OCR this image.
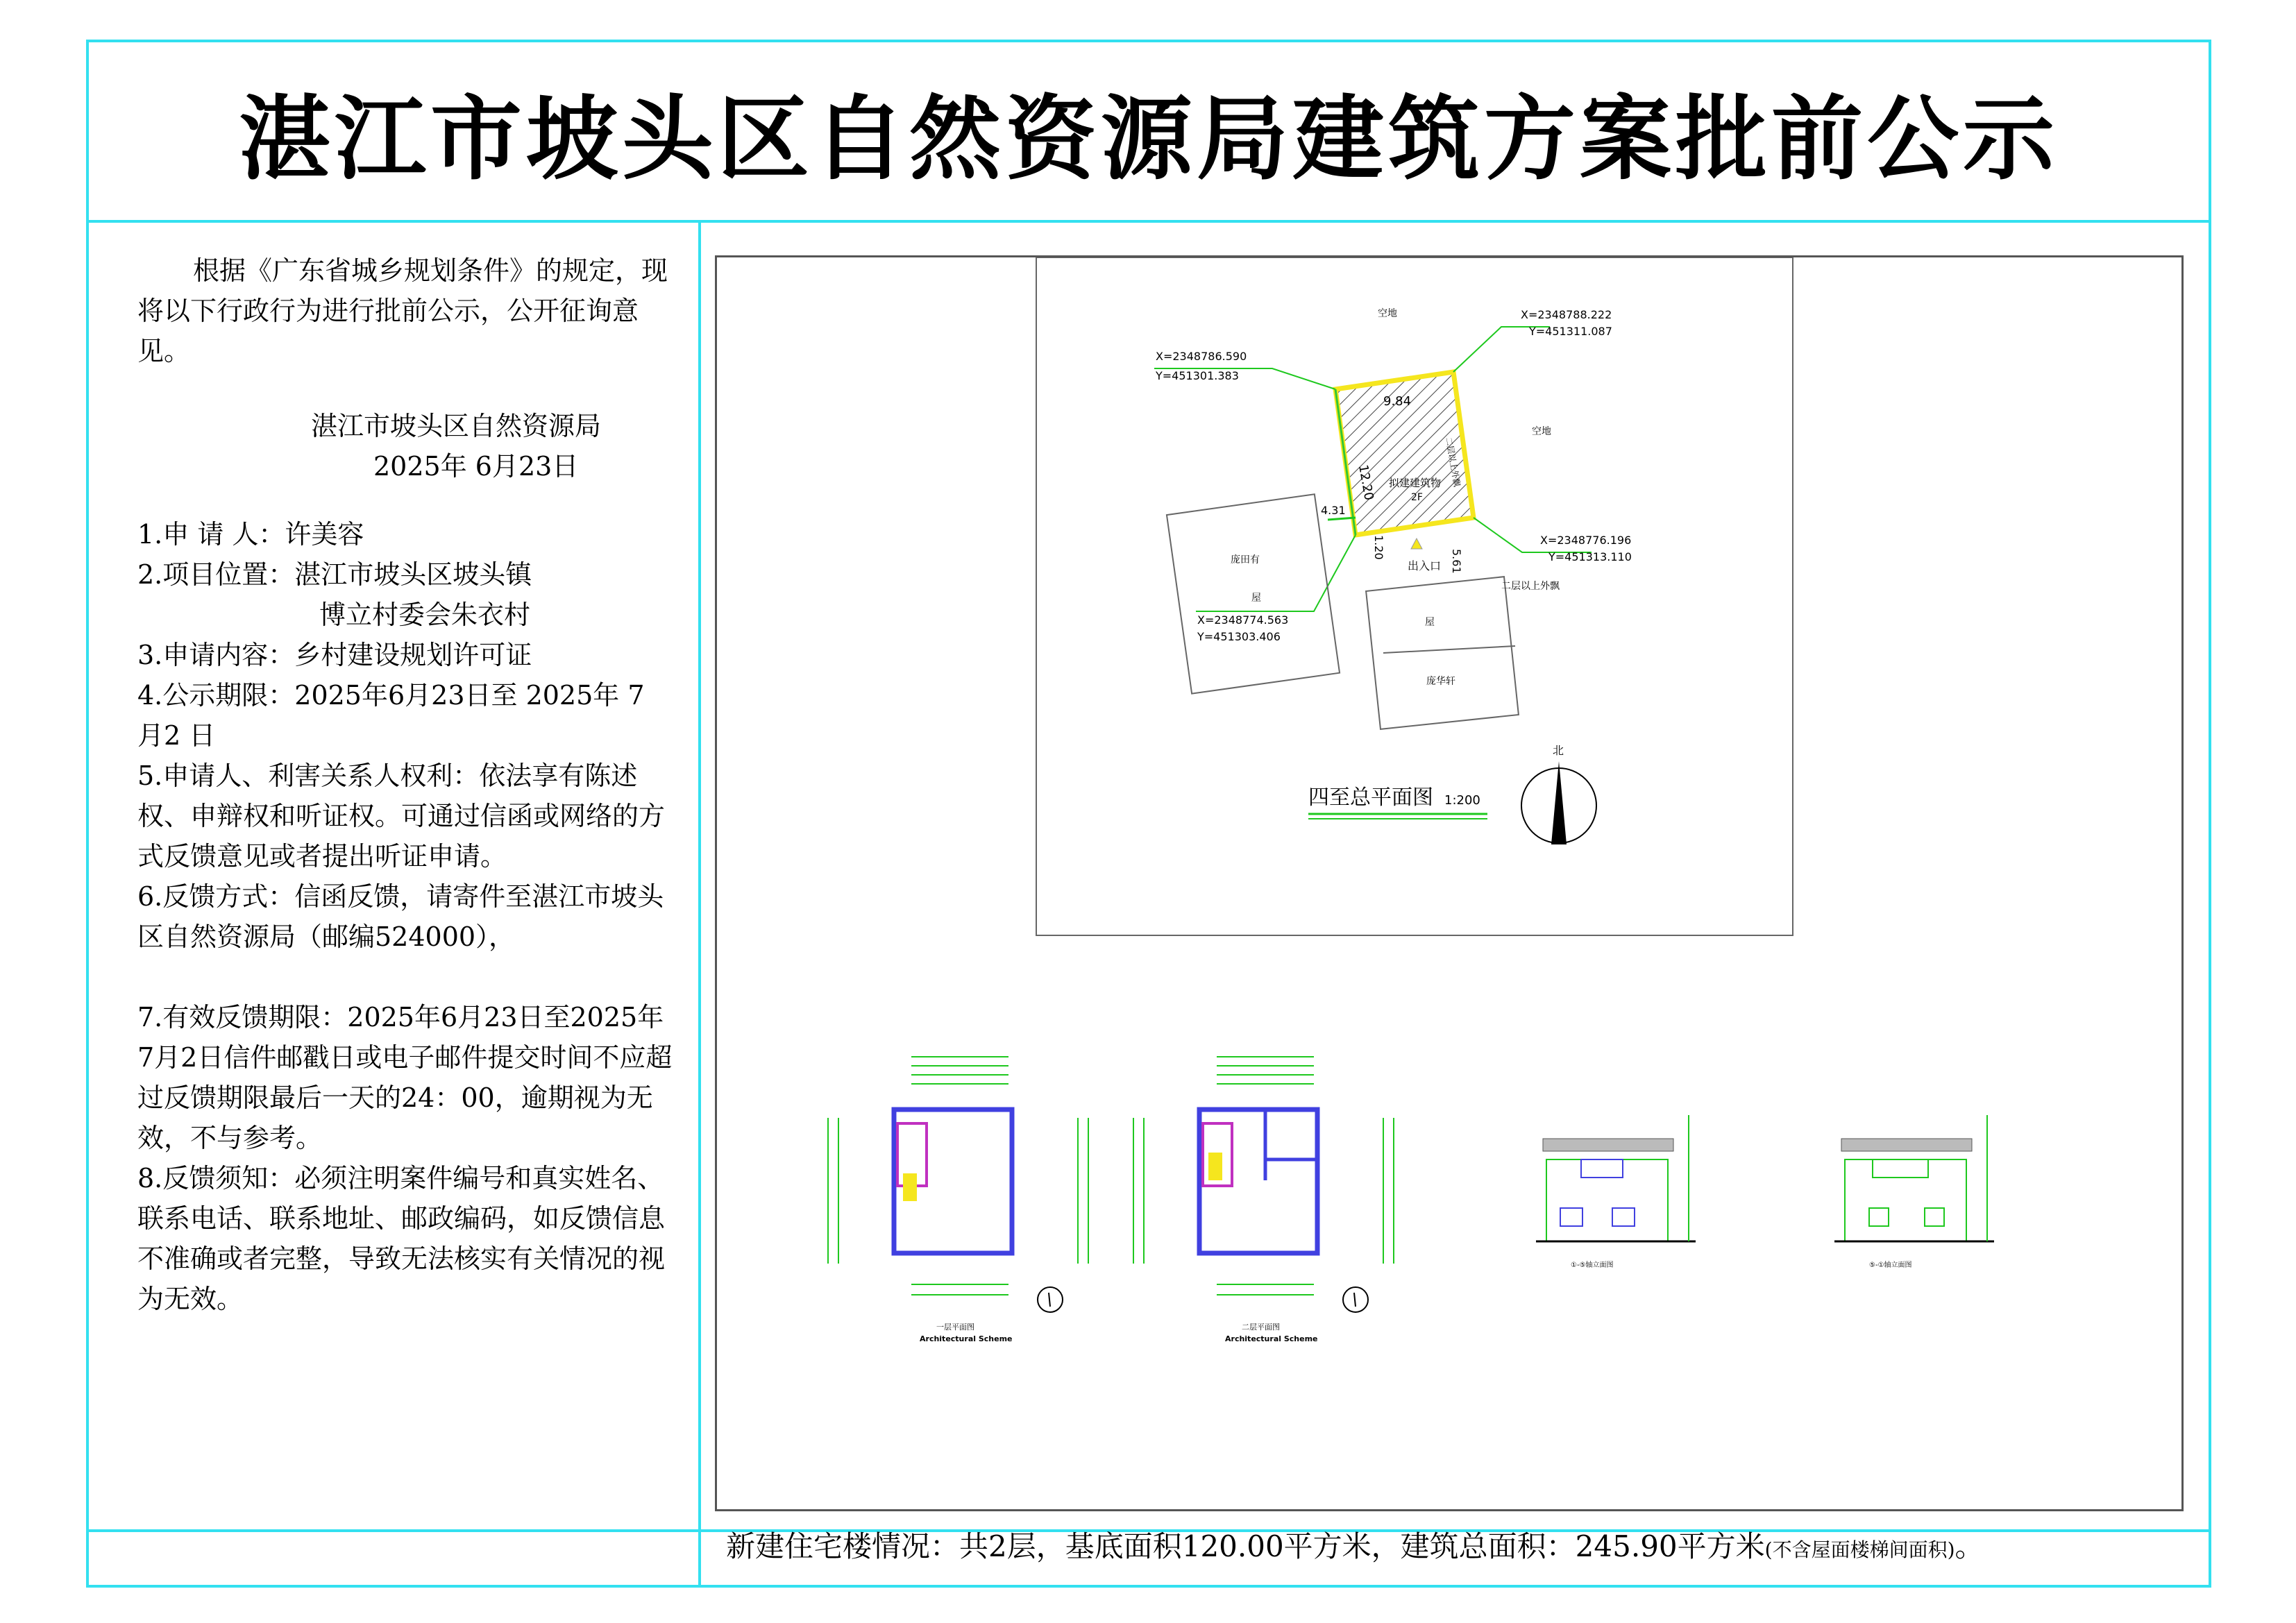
湛江市坡头区自然资源局建筑方案批前公示

根据《广东省城乡规划条件》的规定，现 将以下行政行为进行批前公示，公开征询意见。

湛江市坡头区自然资源局

2025年 6月23日

1.申 请 人：许美容

2.项目位置：湛江市坡头区坡头镇

博立村委会朱衣村

3.申请内容：乡村建设规划许可证

4.公示期限：2025年6月23日至 2025年 7 月2 日

5.申请人、利害关系人权利：依法享有陈述权、申辩权和听证权。可通过信函或网络的方式反馈意见或者提出听证申请。

6.反馈方式：信函反馈，请寄件至湛江市坡头区自然资源局（邮编524000），

7.有效反馈期限：2025年6月23日至2025年7月2日信件邮戳日或电子邮件提交时间不应超过反馈期限最后一天的24：00，逾期视为无效，不与参考。

8.反馈须知：必须注明案件编号和真实姓名、联系电话、联系地址、邮政编码，如反馈信息不准确或者完整，导致无法核实有关情况的视为无效。

空地
空地
9.84
12.20 拟建建筑物
2F
二层以上外飘
X=2348786.590
Y=451301.383
X=2348788.222
Y=451311.087
X=2348776.196
Y=451313.110
X=2348774.563
Y=451303.406
庞田有
屋
屋
庞华轩
4.31
1.20
5.61
出入口
二层以上外飘
四至总平面图 1:200
北
一层平面图
Architectural Scheme
二层平面图
Architectural Scheme
①-⑤轴立面图	⑤-①轴立面图
新建住宅楼情况：共2层，基底面积120.00平方米，建筑总面积：245.90平方米(不含屋面楼梯间面积)。
